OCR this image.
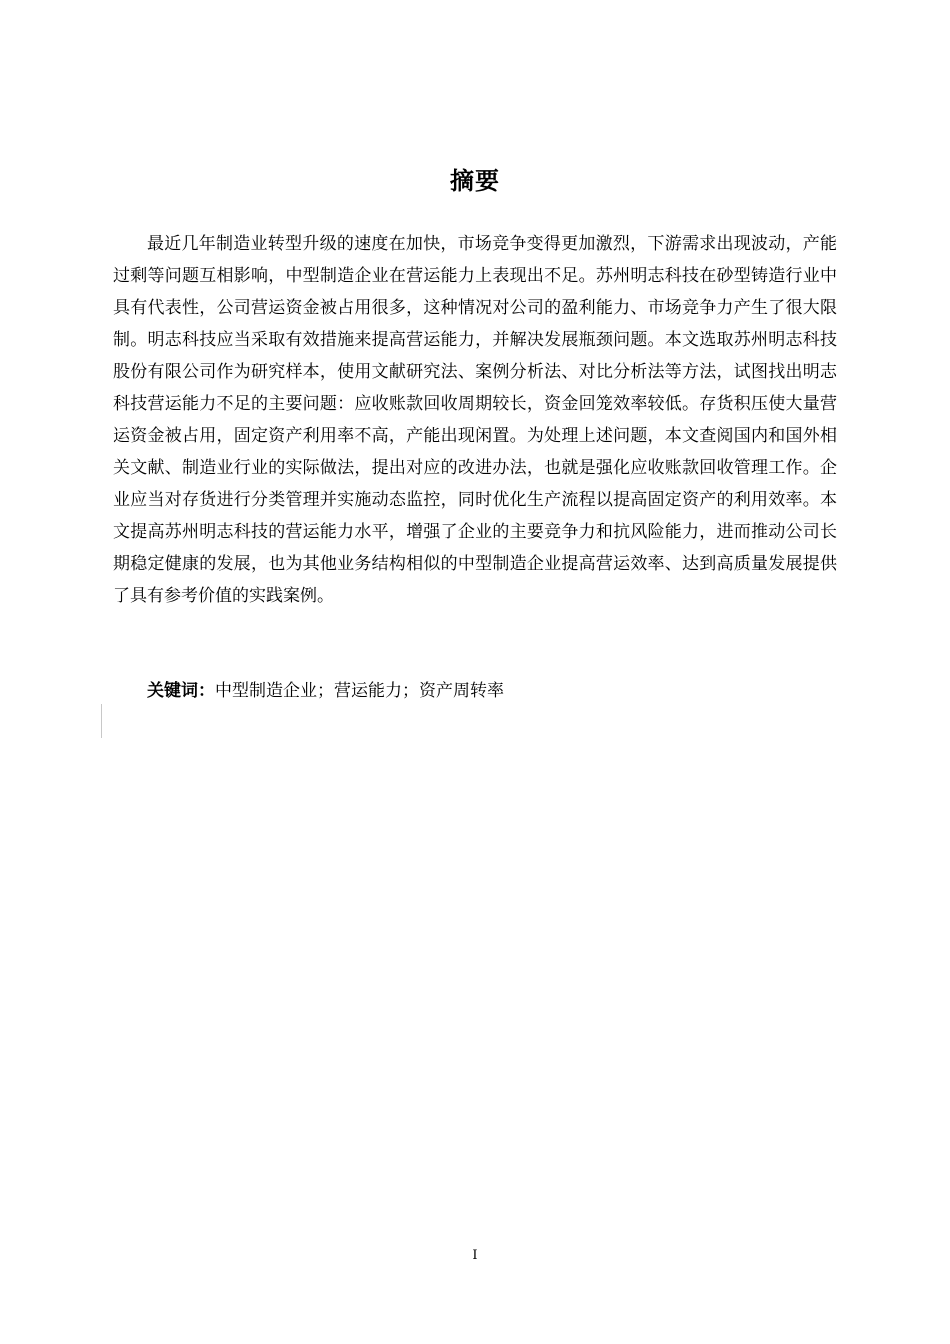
摘要

最近几年制造业转型升级的速度在加快，市场竞争变得更加激烈，下游需求出现波动，产能过剩等问题互相影响，中型制造企业在营运能力上表现出不足。苏州明志科技在砂型铸造行业中具有代表性，公司营运资金被占用很多，这种情况对公司的盈利能力、市场竞争力产生了很大限制。明志科技应当采取有效措施来提高营运能力，并解决发展瓶颈问题。本文选取苏州明志科技股份有限公司作为研究样本，使用文献研究法、案例分析法、对比分析法等方法，试图找出明志科技营运能力不足的主要问题：应收账款回收周期较长，资金回笼效率较低。存货积压使大量营运资金被占用，固定资产利用率不高，产能出现闲置。为处理上述问题，本文查阅国内和国外相关文献、制造业行业的实际做法，提出对应的改进办法，也就是强化应收账款回收管理工作。企业应当对存货进行分类管理并实施动态监控，同时优化生产流程以提高固定资产的利用效率。本文提高苏州明志科技的营运能力水平，增强了企业的主要竞争力和抗风险能力，进而推动公司长期稳定健康的发展，也为其他业务结构相似的中型制造企业提高营运效率、达到高质量发展提供了具有参考价值的实践案例。

关键词：中型制造企业；营运能力；资产周转率
I
